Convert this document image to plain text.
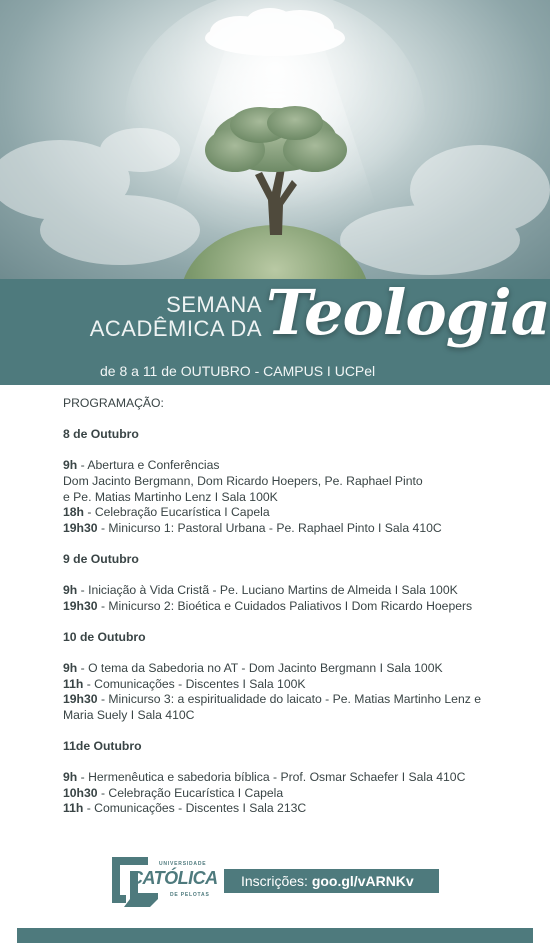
SEMANA
ACADÊMICA DA Teologia
de 8 a 11 de OUTUBRO - CAMPUS I UCPel
PROGRAMAÇÃO:
8 de Outubro
9h - Abertura e Conferências
Dom Jacinto Bergmann, Dom Ricardo Hoepers, Pe. Raphael Pinto
e Pe. Matias Martinho Lenz I Sala 100K
18h - Celebração Eucarística I Capela
19h30 - Minicurso 1: Pastoral Urbana - Pe. Raphael Pinto I Sala 410C
9 de Outubro
9h - Iniciação à Vida Cristã - Pe. Luciano Martins de Almeida I Sala 100K
19h30 - Minicurso 2: Bioética e Cuidados Paliativos I Dom Ricardo Hoepers
10 de Outubro
9h - O tema da Sabedoria no AT - Dom Jacinto Bergmann I Sala 100K
11h - Comunicações - Discentes I Sala 100K
19h30 - Minicurso 3: a espiritualidade do laicato - Pe. Matias Martinho Lenz e
Maria Suely I Sala 410C
11de Outubro
9h - Hermenêutica e sabedoria bíblica - Prof. Osmar Schaefer I Sala 410C
10h30 - Celebração Eucarística I Capela
11h - Comunicações - Discentes I Sala 213C
UNIVERSIDADE
CATÓLICA
DE PELOTAS
Inscrições: goo.gl/vARNKv
